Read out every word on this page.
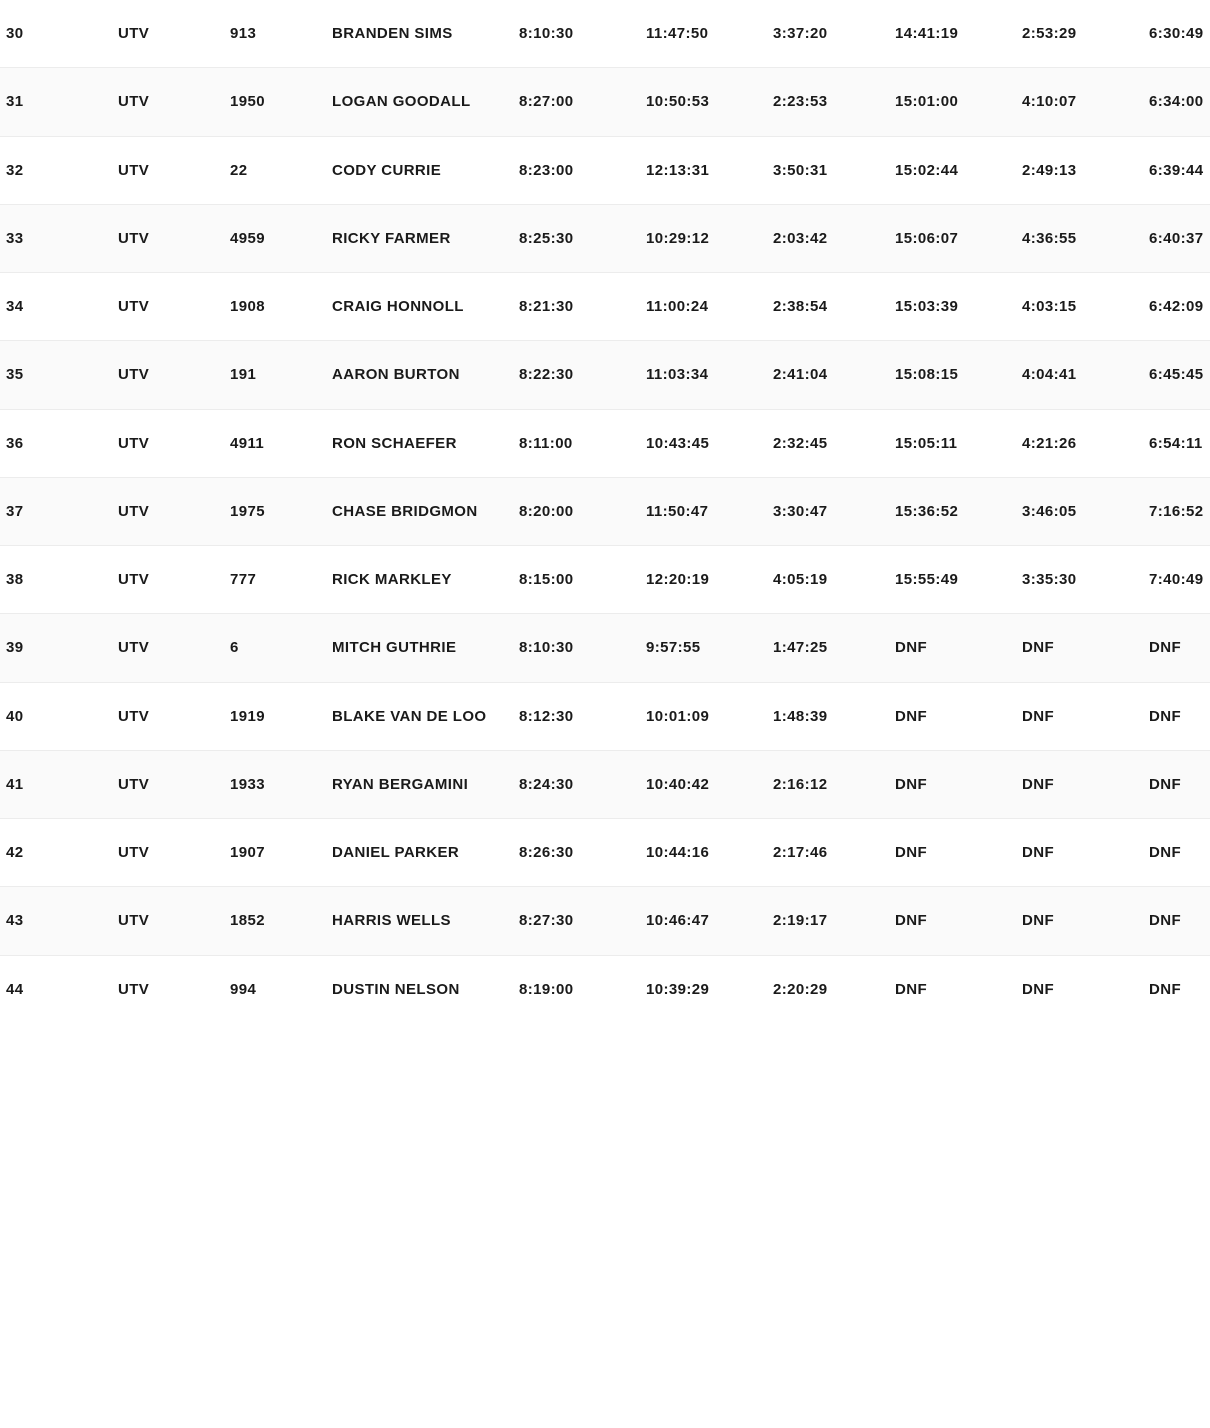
30	UTV	913	BRANDEN SIMS	8:10:30	11:47:50	3:37:20	14:41:19	2:53:29	6:30:49
31	UTV	1950	LOGAN GOODALL	8:27:00	10:50:53	2:23:53	15:01:00	4:10:07	6:34:00
32	UTV	22	CODY CURRIE	8:23:00	12:13:31	3:50:31	15:02:44	2:49:13	6:39:44
33	UTV	4959	RICKY FARMER	8:25:30	10:29:12	2:03:42	15:06:07	4:36:55	6:40:37
34	UTV	1908	CRAIG HONNOLL	8:21:30	11:00:24	2:38:54	15:03:39	4:03:15	6:42:09
35	UTV	191	AARON BURTON	8:22:30	11:03:34	2:41:04	15:08:15	4:04:41	6:45:45
36	UTV	4911	RON SCHAEFER	8:11:00	10:43:45	2:32:45	15:05:11	4:21:26	6:54:11
37	UTV	1975	CHASE BRIDGMON	8:20:00	11:50:47	3:30:47	15:36:52	3:46:05	7:16:52
38	UTV	777	RICK MARKLEY	8:15:00	12:20:19	4:05:19	15:55:49	3:35:30	7:40:49
39	UTV	6	MITCH GUTHRIE	8:10:30	9:57:55	1:47:25	DNF	DNF	DNF
40	UTV	1919	BLAKE VAN DE LOO	8:12:30	10:01:09	1:48:39	DNF	DNF	DNF
41	UTV	1933	RYAN BERGAMINI	8:24:30	10:40:42	2:16:12	DNF	DNF	DNF
42	UTV	1907	DANIEL PARKER	8:26:30	10:44:16	2:17:46	DNF	DNF	DNF
43	UTV	1852	HARRIS WELLS	8:27:30	10:46:47	2:19:17	DNF	DNF	DNF
44	UTV	994	DUSTIN NELSON	8:19:00	10:39:29	2:20:29	DNF	DNF	DNF
